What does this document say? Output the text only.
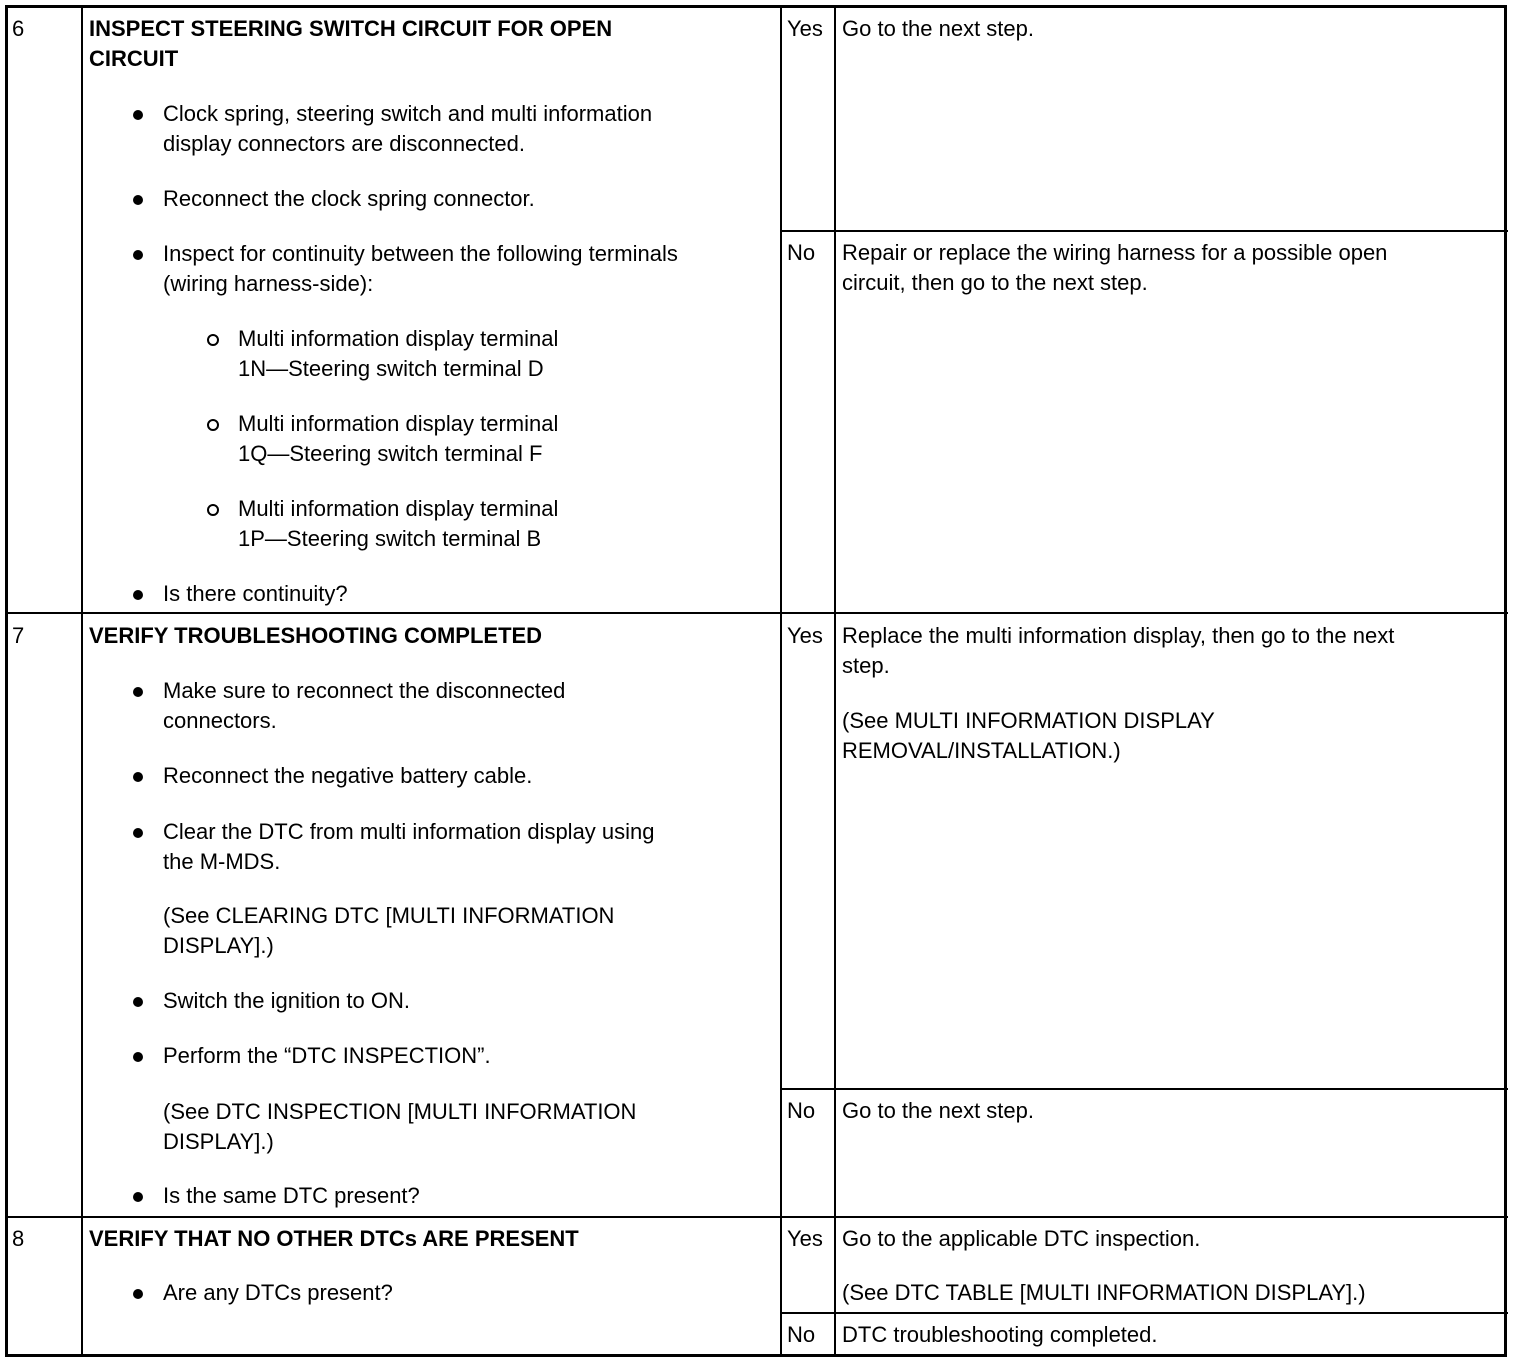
6	INSPECT STEERING SWITCH CIRCUIT FOR OPEN
CIRCUIT
Clock spring, steering switch and multi information
display connectors are disconnected.
Reconnect the clock spring connector.
Inspect for continuity between the following terminals
(wiring harness-side):
Multi information display terminal
1N—Steering switch terminal D
Multi information display terminal
1Q—Steering switch terminal F
Multi information display terminal
1P—Steering switch terminal B
Is there continuity?
Yes Go to the next step.
No Repair or replace the wiring harness for a possible open
circuit, then go to the next step.
7	VERIFY TROUBLESHOOTING COMPLETED
Make sure to reconnect the disconnected
connectors.
Reconnect the negative battery cable.
Clear the DTC from multi information display using
the M-MDS.
(See CLEARING DTC [MULTI INFORMATION
DISPLAY].)
Switch the ignition to ON.
Perform the “DTC INSPECTION”.
(See DTC INSPECTION [MULTI INFORMATION
DISPLAY].)
Is the same DTC present?
Yes Replace the multi information display, then go to the next
step.
(See MULTI INFORMATION DISPLAY
REMOVAL/INSTALLATION.)
No Go to the next step.
8	VERIFY THAT NO OTHER DTCs ARE PRESENT
Are any DTCs present?
Yes Go to the applicable DTC inspection.
(See DTC TABLE [MULTI INFORMATION DISPLAY].)
No DTC troubleshooting completed.
